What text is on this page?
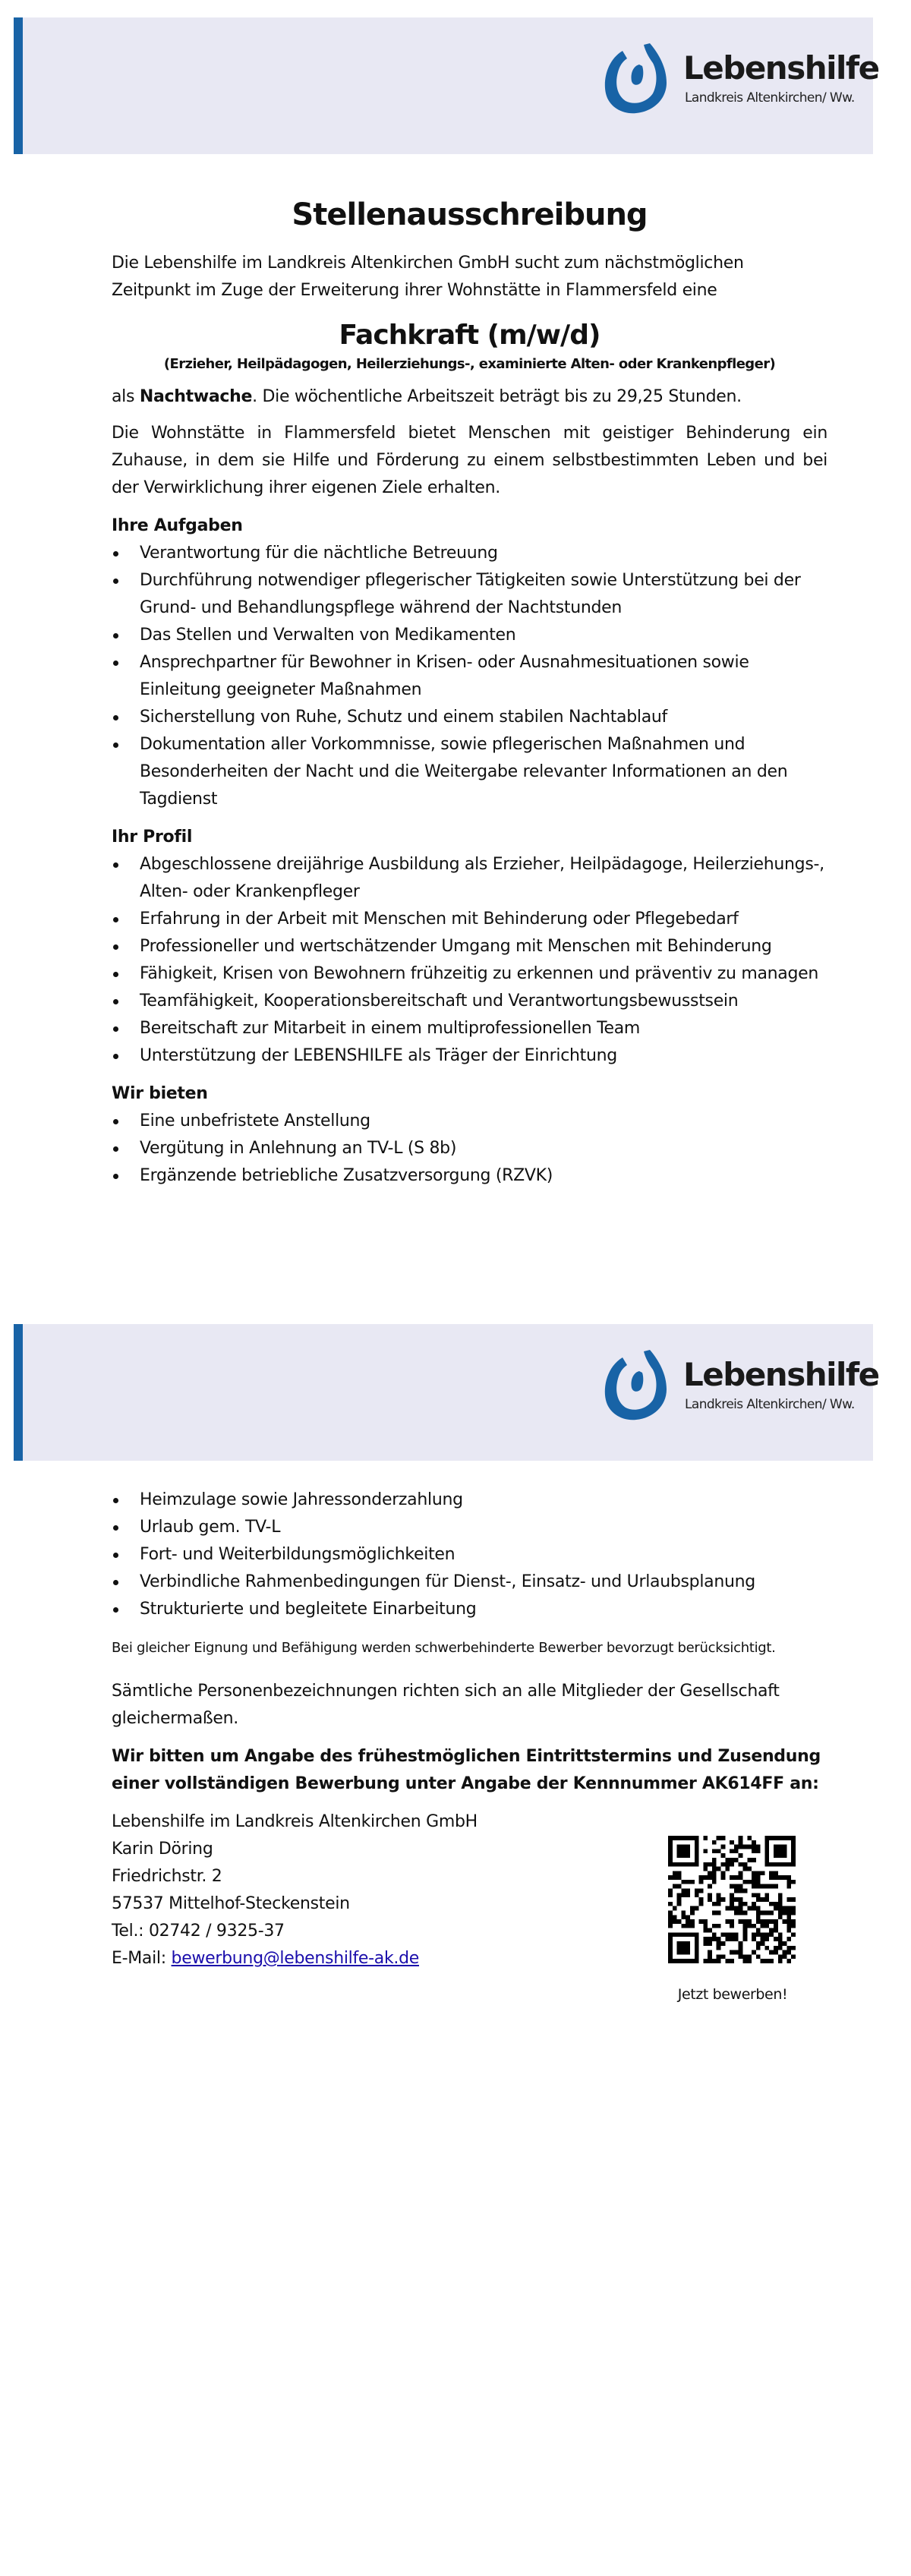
Lebenshilfe
Landkreis Altenkirchen/ Ww.
Stellenausschreibung

Die Lebenshilfe im Landkreis Altenkirchen GmbH sucht zum nächstmöglichen Zeitpunkt im Zuge der Erweiterung ihrer Wohnstätte in Flammersfeld eine

Fachkraft (m/w/d)

(Erzieher, Heilpädagogen, Heilerziehungs-, examinierte Alten- oder Krankenpfleger)

als Nachtwache. Die wöchentliche Arbeitszeit beträgt bis zu 29,25 Stunden.

Die Wohnstätte in Flammersfeld bietet Menschen mit geistiger Behinderung ein Zuhause, in dem sie Hilfe und Förderung zu einem selbstbestimmten Leben und bei der Verwirklichung ihrer eigenen Ziele erhalten.

Ihre Aufgaben
Verantwortung für die nächtliche Betreuung
Durchführung notwendiger pflegerischer Tätigkeiten sowie Unterstützung bei der Grund- und Behandlungspflege während der Nachtstunden
Das Stellen und Verwalten von Medikamenten
Ansprechpartner für Bewohner in Krisen- oder Ausnahmesituationen sowie Einleitung geeigneter Maßnahmen
Sicherstellung von Ruhe, Schutz und einem stabilen Nachtablauf
Dokumentation aller Vorkommnisse, sowie pflegerischen Maßnahmen und Besonderheiten der Nacht und die Weitergabe relevanter Informationen an den Tagdienst
Ihr Profil
Abgeschlossene dreijährige Ausbildung als Erzieher, Heilpädagoge, Heilerziehungs-, Alten- oder Krankenpfleger
Erfahrung in der Arbeit mit Menschen mit Behinderung oder Pflegebedarf
Professioneller und wertschätzender Umgang mit Menschen mit Behinderung
Fähigkeit, Krisen von Bewohnern frühzeitig zu erkennen und präventiv zu managen
Teamfähigkeit, Kooperationsbereitschaft und Verantwortungsbewusstsein
Bereitschaft zur Mitarbeit in einem multiprofessionellen Team
Unterstützung der LEBENSHILFE als Träger der Einrichtung
Wir bieten
Eine unbefristete Anstellung
Vergütung in Anlehnung an TV-L (S 8b)
Ergänzende betriebliche Zusatzversorgung (RZVK)
Lebenshilfe
Landkreis Altenkirchen/ Ww.
Heimzulage sowie Jahressonderzahlung
Urlaub gem. TV-L
Fort- und Weiterbildungsmöglichkeiten
Verbindliche Rahmenbedingungen für Dienst-, Einsatz- und Urlaubsplanung
Strukturierte und begleitete Einarbeitung

Bei gleicher Eignung und Befähigung werden schwerbehinderte Bewerber bevorzugt berücksichtigt.

Sämtliche Personenbezeichnungen richten sich an alle Mitglieder der Gesellschaft gleichermaßen.

Wir bitten um Angabe des frühestmöglichen Eintrittstermins und Zusendung einer vollständigen Bewerbung unter Angabe der Kennnummer AK614FF an:

Lebenshilfe im Landkreis Altenkirchen GmbH

Karin Döring

Friedrichstr. 2

57537 Mittelhof-Steckenstein

Tel.: 02742 / 9325-37

E-Mail: bewerbung@lebenshilfe-ak.de

Jetzt bewerben!
